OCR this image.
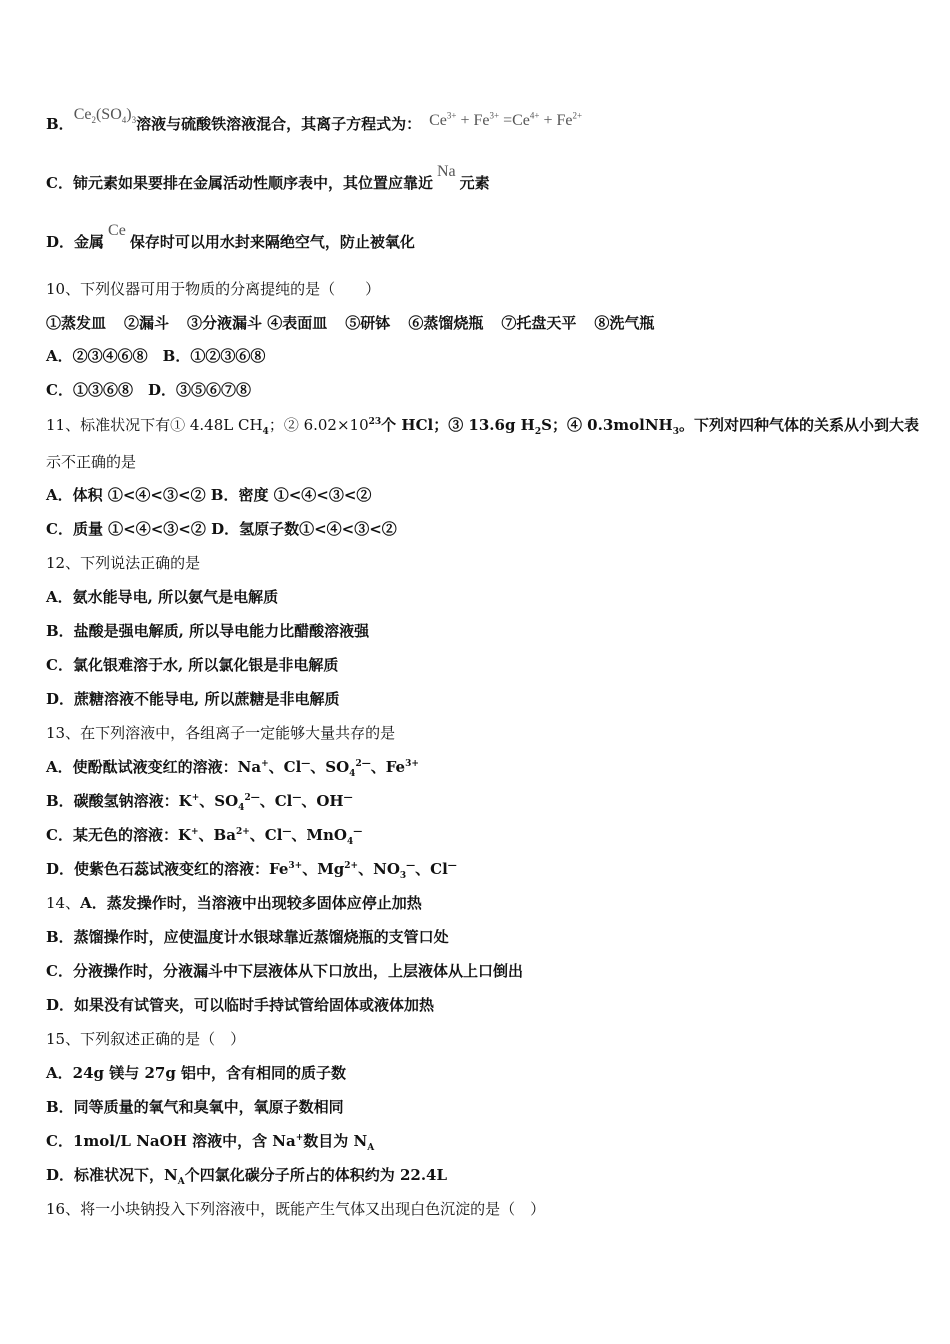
B．$Ce_2(SO_4)_3$溶液与硫酸铁溶液混合，其离子方程式为： $Ce^{3+} + Fe^{3+} =Ce^{4+} + Fe^{2+}$
C．铈元素如果要排在金属活动性顺序表中，其位置应靠近Na元素
D．金属Ce保存时可以用水封来隔绝空气，防止被氧化
10、下列仪器可用于物质的分离提纯的是（　　）
①蒸发皿 ②漏斗 ③分液漏斗 ④表面皿 ⑤研钵 ⑥蒸馏烧瓶 ⑦托盘天平 ⑧洗气瓶
A．②③④⑥⑧　B．①②③⑥⑧
C．①③⑥⑧　D．③⑤⑥⑦⑧
11、标准状况下有① 4.48L $CH_4$；② $6.02\times 10^{23}$个 HCl；③ 13.6g $H_2S$；④ 0.3molNH$_3$。下列对四种气体的关系从小到大表
示不正确的是
A．体积 ①<④<③<② B．密度 ①<④<③<②
C．质量 ①<④<③<② D．氢原子数①<④<③<②
12、下列说法正确的是
A．氨水能导电, 所以氨气是电解质
B．盐酸是强电解质, 所以导电能力比醋酸溶液强
C．氯化银难溶于水, 所以氯化银是非电解质
D．蔗糖溶液不能导电, 所以蔗糖是非电解质
13、在下列溶液中，各组离子一定能够大量共存的是
A．使酚酞试液变红的溶液：Na+、Cl—、$SO_4^{2—}$、$Fe^{3+}$
B．碳酸氢钠溶液：K+、$SO_4^{2—}$、Cl—、OH—
C．某无色的溶液：K+、$Ba^{2+}$、Cl—、MnO$_4$—
D．使紫色石蕊试液变红的溶液：$Fe^{3+}$、$Mg^{2+}$、$NO_3^—$、Cl—
14、A．蒸发操作时，当溶液中出现较多固体应停止加热
B．蒸馏操作时，应使温度计水银球靠近蒸馏烧瓶的支管口处
C．分液操作时，分液漏斗中下层液体从下口放出，上层液体从上口倒出
D．如果没有试管夹，可以临时手持试管给固体或液体加热
15、下列叙述正确的是（　）
A．24g 镁与 27g 铝中，含有相同的质子数
B．同等质量的氧气和臭氧中，氧原子数相同
C．1mol/L NaOH 溶液中，含 Na+数目为 $N_A$
D．标准状况下，$N_A$个四氯化碳分子所占的体积约为 22.4L
16、将一小块钠投入下列溶液中，既能产生气体又出现白色沉淀的是（　）
